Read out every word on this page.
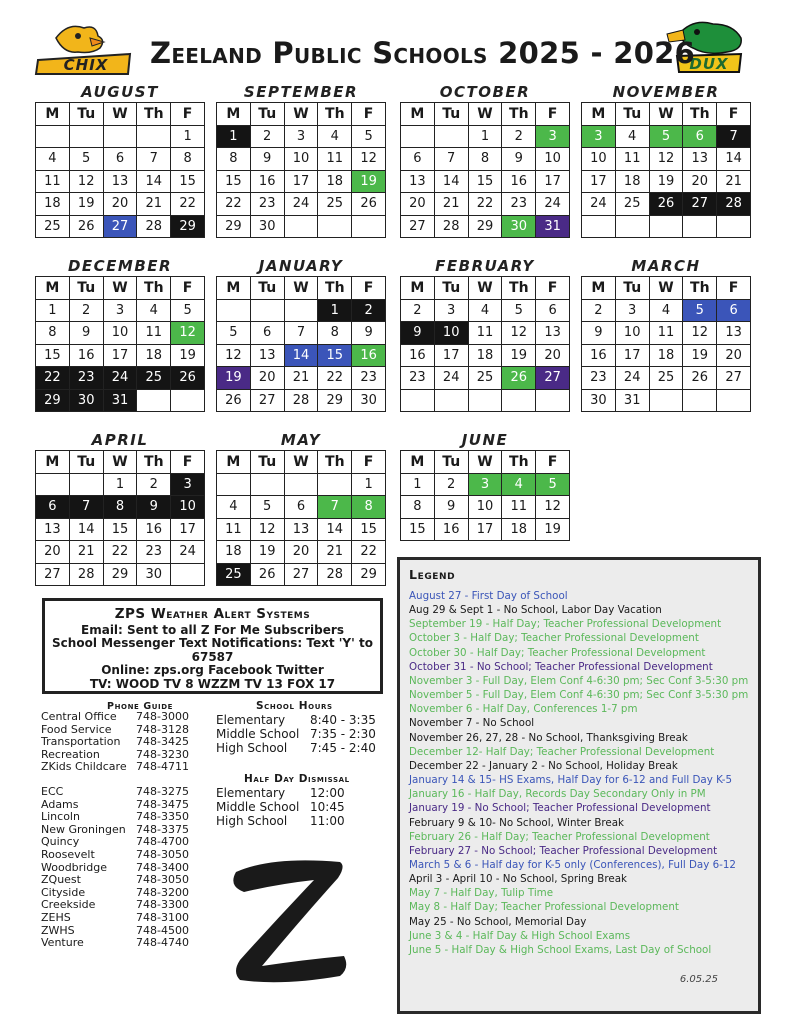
CHIX	DUX
Zeeland Public Schools 2025 - 2026
AUGUST
M	Tu	W	Th	F
				1
4	5	6	7	8
11	12	13	14	15
18	19	20	21	22
25	26	27	28	29
SEPTEMBER
M	Tu	W	Th	F
1	2	3	4	5
8	9	10	11	12
15	16	17	18	19
22	23	24	25	26
29	30			
OCTOBER
M	Tu	W	Th	F
		1	2	3
6	7	8	9	10
13	14	15	16	17
20	21	22	23	24
27	28	29	30	31
NOVEMBER
M	Tu	W	Th	F
3	4	5	6	7
10	11	12	13	14
17	18	19	20	21
24	25	26	27	28

DECEMBER
M	Tu	W	Th	F
1	2	3	4	5
8	9	10	11	12
15	16	17	18	19
22	23	24	25	26
29	30	31		
JANUARY
M	Tu	W	Th	F
			1	2
5	6	7	8	9
12	13	14	15	16
19	20	21	22	23
26	27	28	29	30
FEBRUARY
M	Tu	W	Th	F
2	3	4	5	6
9	10	11	12	13
16	17	18	19	20
23	24	25	26	27

MARCH
M	Tu	W	Th	F
2	3	4	5	6
9	10	11	12	13
16	17	18	19	20
23	24	25	26	27
30	31			
APRIL
M	Tu	W	Th	F
		1	2	3
6	7	8	9	10
13	14	15	16	17
20	21	22	23	24
27	28	29	30	
MAY
M	Tu	W	Th	F
				1
4	5	6	7	8
11	12	13	14	15
18	19	20	21	22
25	26	27	28	29
JUNE
M	Tu	W	Th	F
1	2	3	4	5
8	9	10	11	12
15	16	17	18	19
ZPS Weather Alert Systems
Email: Sent to all Z For Me Subscribers
School Messenger Text Notifications: Text 'Y' to 67587
Online: zps.org Facebook Twitter
TV: WOOD TV 8 WZZM TV 13 FOX 17
Phone Guide
Central Office	748-3000
Food Service	748-3128
Transportation	748-3425
Recreation	748-3230
ZKids Childcare 748-4711
ECC	748-3275
Adams	748-3475
Lincoln	748-3350
New Groningen 748-3375
Quincy	748-4700
Roosevelt	748-3050
Woodbridge	748-3400
ZQuest	748-3050
Cityside	748-3200
Creekside	748-3300
ZEHS	748-3100
ZWHS	748-4500
Venture	748-4740
School Hours
Elementary	8:40 - 3:35
Middle School 7:35 - 2:30
High School	7:45 - 2:40
Half Day Dismissal
Elementary	12:00
Middle School 10:45
High School	11:00
Legend
August 27 - First Day of School
Aug 29 & Sept 1 - No School, Labor Day Vacation
September 19 - Half Day; Teacher Professional Development
October 3 - Half Day; Teacher Professional Development
October 30 - Half Day; Teacher Professional Development
October 31 - No School; Teacher Professional Development
November 3 - Full Day, Elem Conf 4-6:30 pm; Sec Conf 3-5:30 pm
November 5 - Full Day, Elem Conf 4-6:30 pm; Sec Conf 3-5:30 pm
November 6 - Half Day, Conferences 1-7 pm
November 7 - No School
November 26, 27, 28 - No School, Thanksgiving Break
December 12- Half Day; Teacher Professional Development
December 22 - January 2 - No School, Holiday Break
January 14 & 15- HS Exams, Half Day for 6-12 and Full Day K-5
January 16 - Half Day, Records Day Secondary Only in PM
January 19 - No School; Teacher Professional Development
February 9 & 10- No School, Winter Break
February 26 - Half Day; Teacher Professional Development
February 27 - No School; Teacher Professional Development
March 5 & 6 - Half day for K-5 only (Conferences), Full Day 6-12
April 3 - April 10 - No School, Spring Break
May 7 - Half Day, Tulip Time
May 8 - Half Day; Teacher Professional Development
May 25 - No School, Memorial Day
June 3 & 4 - Half Day & High School Exams
June 5 - Half Day & High School Exams, Last Day of School
6.05.25
